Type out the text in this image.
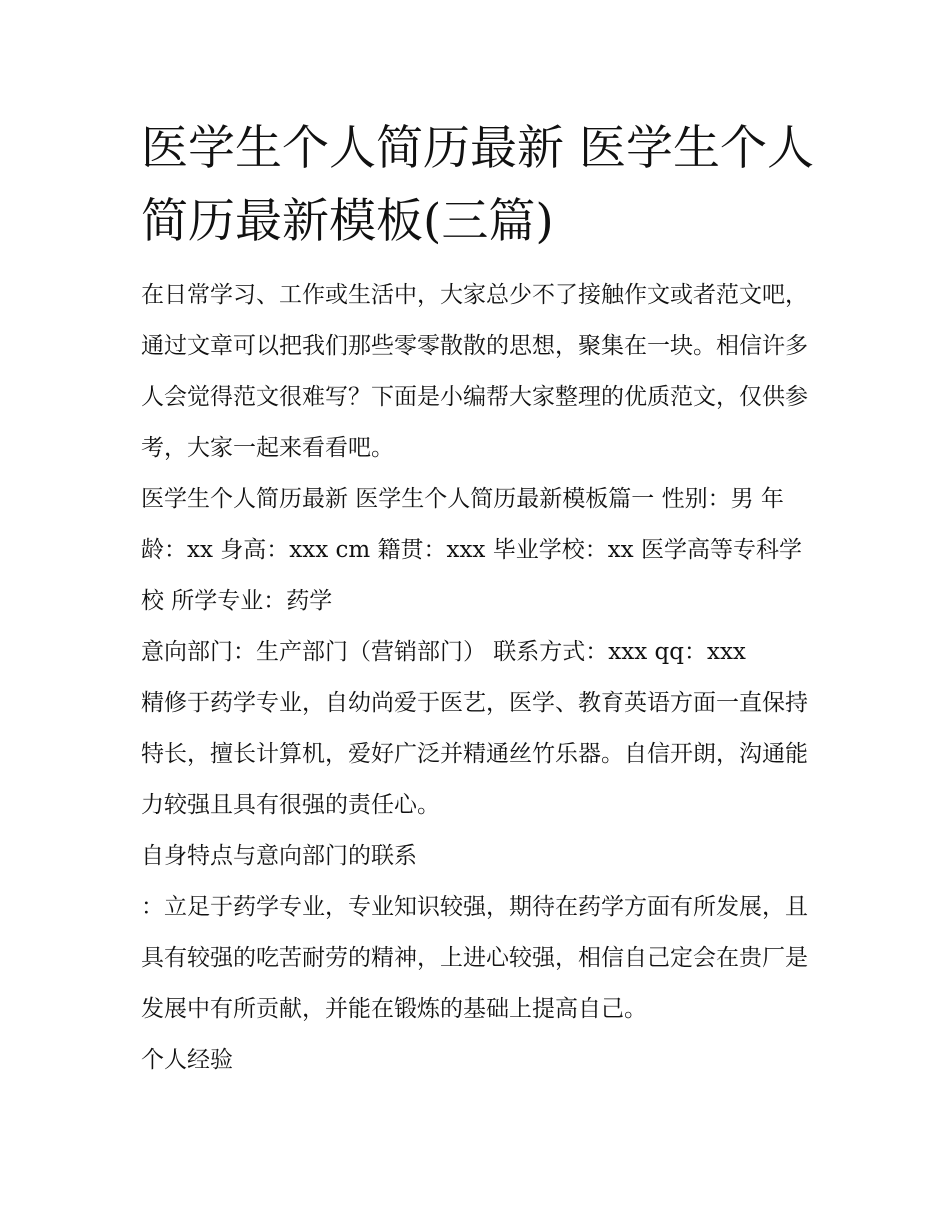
医学生个人简历最新 医学生个人简历最新模板(三篇)

在日常学习、工作或生活中，大家总少不了接触作文或者范文吧，通过文章可以把我们那些零零散散的思想，聚集在一块。相信许多人会觉得范文很难写？下面是小编帮大家整理的优质范文，仅供参考，大家一起来看看吧。

医学生个人简历最新 医学生个人简历最新模板篇一 性别：男 年龄：xx 身高：xxx cm 籍贯：xxx 毕业学校：xx 医学高等专科学校 所学专业：药学

意向部门：生产部门（营销部门） 联系方式：xxx qq：xxx

精修于药学专业，自幼尚爱于医艺，医学、教育英语方面一直保持特长，擅长计算机，爱好广泛并精通丝竹乐器。自信开朗，沟通能力较强且具有很强的责任心。

自身特点与意向部门的联系

：立足于药学专业，专业知识较强，期待在药学方面有所发展，且具有较强的吃苦耐劳的精神，上进心较强，相信自己定会在贵厂是发展中有所贡献，并能在锻炼的基础上提高自己。

个人经验
